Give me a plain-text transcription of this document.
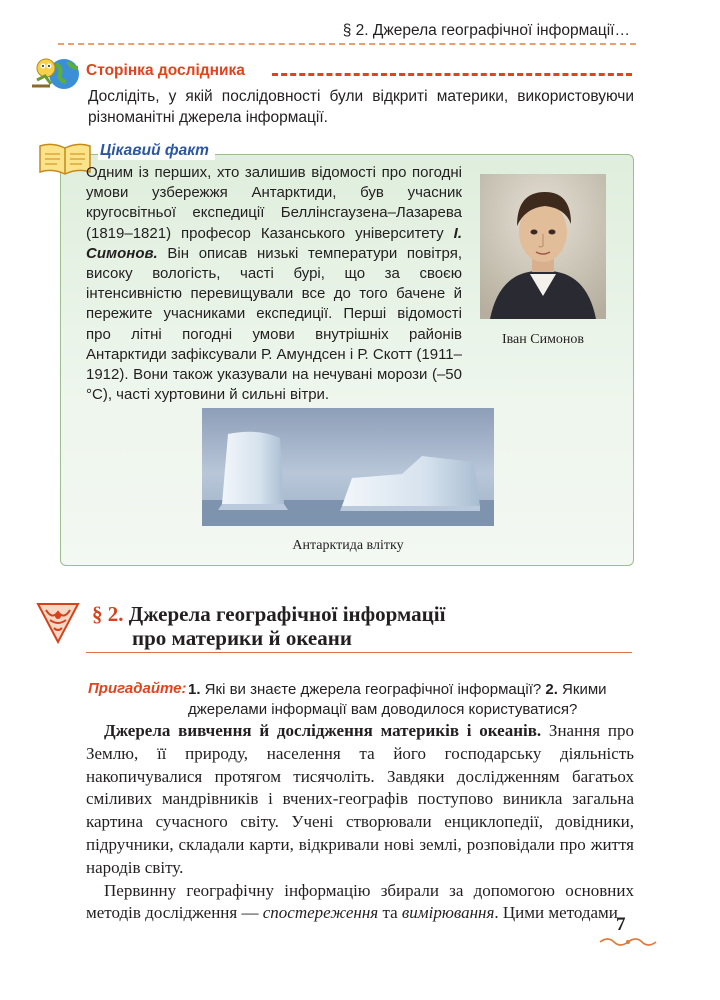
§ 2. Джерела географічної інформації…
Сторінка дослідника
Дослідіть, у якій послідовності були відкриті материки, використовуючи різноманітні джерела інформації.
Цікавий факт
Одним із перших, хто залишив відомості про погодні умови узбережжя Антарктиди, був учасник кругосвітньої експедиції Беллінсгаузена–Лазарева (1819–1821) професор Казанського університету І. Симонов. Він описав низькі температури повітря, високу вологість, часті бурі, що за своєю інтенсивністю перевищували все до того бачене й пережите учасниками експедиції. Перші відомості про літні погодні умови внутрішніх районів Антарктиди зафіксували Р. Амундсен і Р. Скотт (1911–1912). Вони також указували на нечувані морози (–50 °С), часті хуртовини й сильні вітри.
Іван Симонов
Антарктида влітку
§ 2. Джерела географічної інформації
про материки й океани
Пригадайте: 1. Які ви знаєте джерела географічної інформації? 2. Якими джерелами інформації вам доводилося користуватися?

Джерела вивчення й дослідження материків і океанів. Знання про Землю, її природу, населення та його господарську діяльність накопичувалися протягом тисячоліть. Завдяки дослідженням багатьох сміливих мандрівників і вчених-географів поступово виникла загальна картина сучасного світу. Учені створювали енциклопедії, довідники, підручники, складали карти, відкривали нові землі, розповідали про життя народів світу.

Первинну географічну інформацію збирали за допомогою основних методів дослідження — спостереження та вимірювання. Цими методами

7
